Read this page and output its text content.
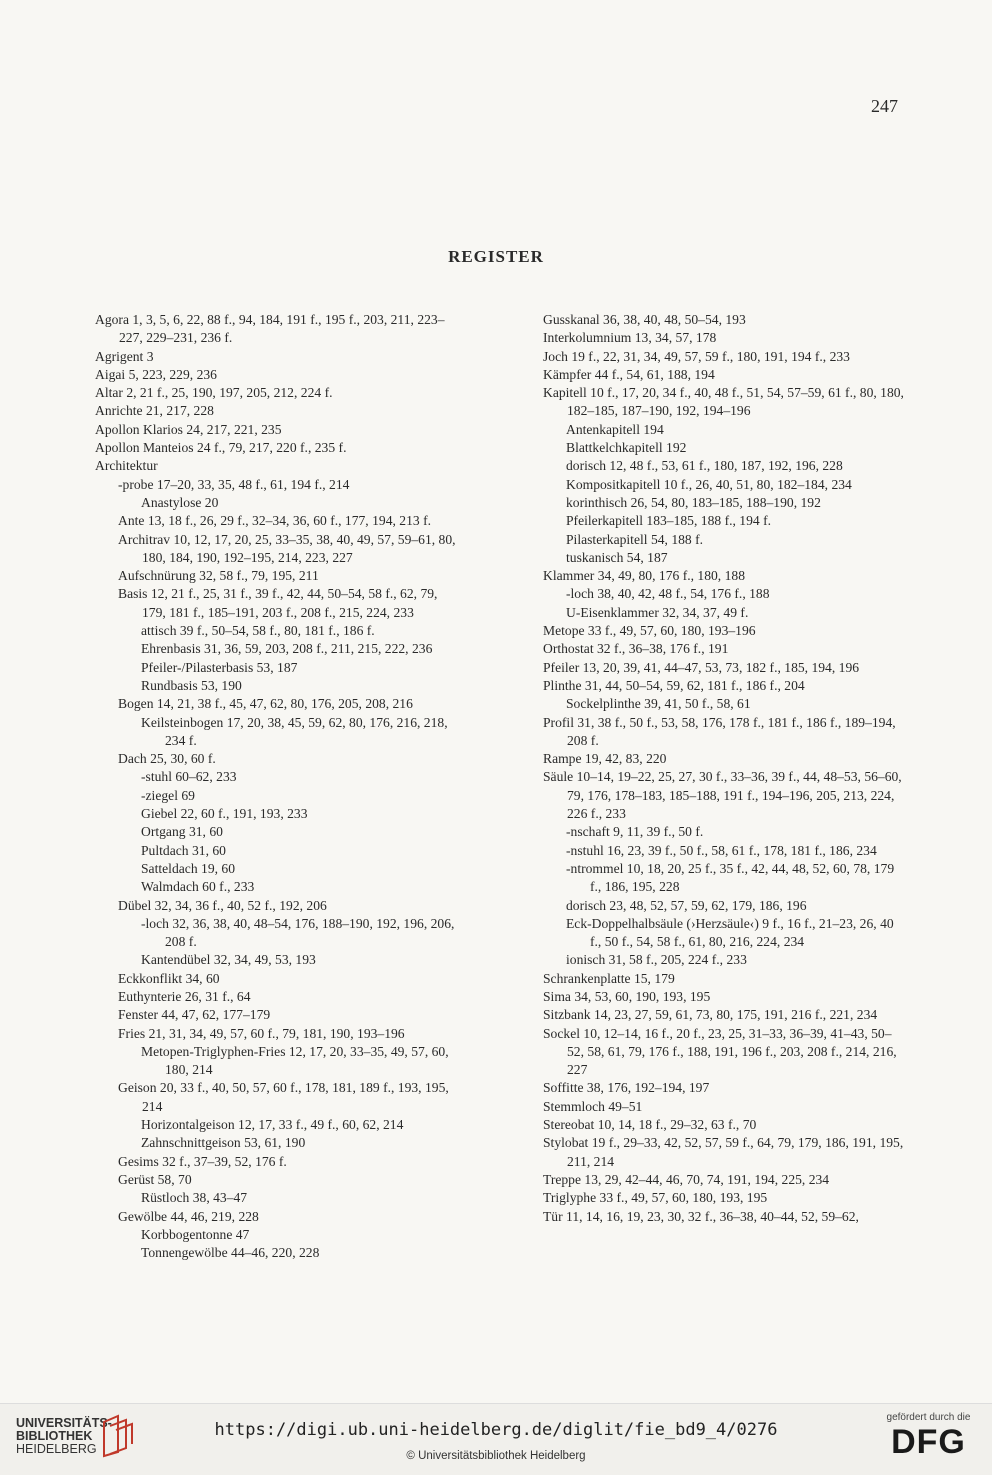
247
REGISTER
Agora 1, 3, 5, 6, 22, 88 f., 94, 184, 191 f., 195 f., 203, 211, 223–227, 229–231, 236 f.
Agrigent 3
Aigai 5, 223, 229, 236
Altar 2, 21 f., 25, 190, 197, 205, 212, 224 f.
Anrichte 21, 217, 228
Apollon Klarios 24, 217, 221, 235
Apollon Manteios 24 f., 79, 217, 220 f., 235 f.
Architektur
-probe 17–20, 33, 35, 48 f., 61, 194 f., 214
Anastylose 20
Ante 13, 18 f., 26, 29 f., 32–34, 36, 60 f., 177, 194, 213 f.
Architrav 10, 12, 17, 20, 25, 33–35, 38, 40, 49, 57, 59–61, 80, 180, 184, 190, 192–195, 214, 223, 227
Aufschnürung 32, 58 f., 79, 195, 211
Basis 12, 21 f., 25, 31 f., 39 f., 42, 44, 50–54, 58 f., 62, 79, 179, 181 f., 185–191, 203 f., 208 f., 215, 224, 233
attisch 39 f., 50–54, 58 f., 80, 181 f., 186 f.
Ehrenbasis 31, 36, 59, 203, 208 f., 211, 215, 222, 236
Pfeiler-/Pilasterbasis 53, 187
Rundbasis 53, 190
Bogen 14, 21, 38 f., 45, 47, 62, 80, 176, 205, 208, 216
Keilsteinbogen 17, 20, 38, 45, 59, 62, 80, 176, 216, 218, 234 f.
Dach 25, 30, 60 f.
-stuhl 60–62, 233
-ziegel 69
Giebel 22, 60 f., 191, 193, 233
Ortgang 31, 60
Pultdach 31, 60
Satteldach 19, 60
Walmdach 60 f., 233
Dübel 32, 34, 36 f., 40, 52 f., 192, 206
-loch 32, 36, 38, 40, 48–54, 176, 188–190, 192, 196, 206, 208 f.
Kantendübel 32, 34, 49, 53, 193
Eckkonflikt 34, 60
Euthynterie 26, 31 f., 64
Fenster 44, 47, 62, 177–179
Fries 21, 31, 34, 49, 57, 60 f., 79, 181, 190, 193–196
Metopen-Triglyphen-Fries 12, 17, 20, 33–35, 49, 57, 60, 180, 214
Geison 20, 33 f., 40, 50, 57, 60 f., 178, 181, 189 f., 193, 195, 214
Horizontalgeison 12, 17, 33 f., 49 f., 60, 62, 214
Zahnschnittgeison 53, 61, 190
Gesims 32 f., 37–39, 52, 176 f.
Gerüst 58, 70
Rüstloch 38, 43–47
Gewölbe 44, 46, 219, 228
Korbbogentonne 47
Tonnengewölbe 44–46, 220, 228
Gusskanal 36, 38, 40, 48, 50–54, 193
Interkolumnium 13, 34, 57, 178
Joch 19 f., 22, 31, 34, 49, 57, 59 f., 180, 191, 194 f., 233
Kämpfer 44 f., 54, 61, 188, 194
Kapitell 10 f., 17, 20, 34 f., 40, 48 f., 51, 54, 57–59, 61 f., 80, 180, 182–185, 187–190, 192, 194–196
Antenkapitell 194
Blattkelchkapitell 192
dorisch 12, 48 f., 53, 61 f., 180, 187, 192, 196, 228
Kompositkapitell 10 f., 26, 40, 51, 80, 182–184, 234
korinthisch 26, 54, 80, 183–185, 188–190, 192
Pfeilerkapitell 183–185, 188 f., 194 f.
Pilasterkapitell 54, 188 f.
tuskanisch 54, 187
Klammer 34, 49, 80, 176 f., 180, 188
-loch 38, 40, 42, 48 f., 54, 176 f., 188
U-Eisenklammer 32, 34, 37, 49 f.
Metope 33 f., 49, 57, 60, 180, 193–196
Orthostat 32 f., 36–38, 176 f., 191
Pfeiler 13, 20, 39, 41, 44–47, 53, 73, 182 f., 185, 194, 196
Plinthe 31, 44, 50–54, 59, 62, 181 f., 186 f., 204
Sockelplinthe 39, 41, 50 f., 58, 61
Profil 31, 38 f., 50 f., 53, 58, 176, 178 f., 181 f., 186 f., 189–194, 208 f.
Rampe 19, 42, 83, 220
Säule 10–14, 19–22, 25, 27, 30 f., 33–36, 39 f., 44, 48–53, 56–60, 79, 176, 178–183, 185–188, 191 f., 194–196, 205, 213, 224, 226 f., 233
-nschaft 9, 11, 39 f., 50 f.
-nstuhl 16, 23, 39 f., 50 f., 58, 61 f., 178, 181 f., 186, 234
-ntrommel 10, 18, 20, 25 f., 35 f., 42, 44, 48, 52, 60, 78, 179 f., 186, 195, 228
dorisch 23, 48, 52, 57, 59, 62, 179, 186, 196
Eck-Doppelhalbsäule (›Herzsäule‹) 9 f., 16 f., 21–23, 26, 40 f., 50 f., 54, 58 f., 61, 80, 216, 224, 234
ionisch 31, 58 f., 205, 224 f., 233
Schrankenplatte 15, 179
Sima 34, 53, 60, 190, 193, 195
Sitzbank 14, 23, 27, 59, 61, 73, 80, 175, 191, 216 f., 221, 234
Sockel 10, 12–14, 16 f., 20 f., 23, 25, 31–33, 36–39, 41–43, 50–52, 58, 61, 79, 176 f., 188, 191, 196 f., 203, 208 f., 214, 216, 227
Soffitte 38, 176, 192–194, 197
Stemmloch 49–51
Stereobat 10, 14, 18 f., 29–32, 63 f., 70
Stylobat 19 f., 29–33, 42, 52, 57, 59 f., 64, 79, 179, 186, 191, 195, 211, 214
Treppe 13, 29, 42–44, 46, 70, 74, 191, 194, 225, 234
Triglyphe 33 f., 49, 57, 60, 180, 193, 195
Tür 11, 14, 16, 19, 23, 30, 32 f., 36–38, 40–44, 52, 59–62,
UNIVERSITÄTS-
BIBLIOTHEK
HEIDELBERG
https://digi.ub.uni-heidelberg.de/diglit/fie_bd9_4/0276
© Universitätsbibliothek Heidelberg
gefördert durch die
DFG
